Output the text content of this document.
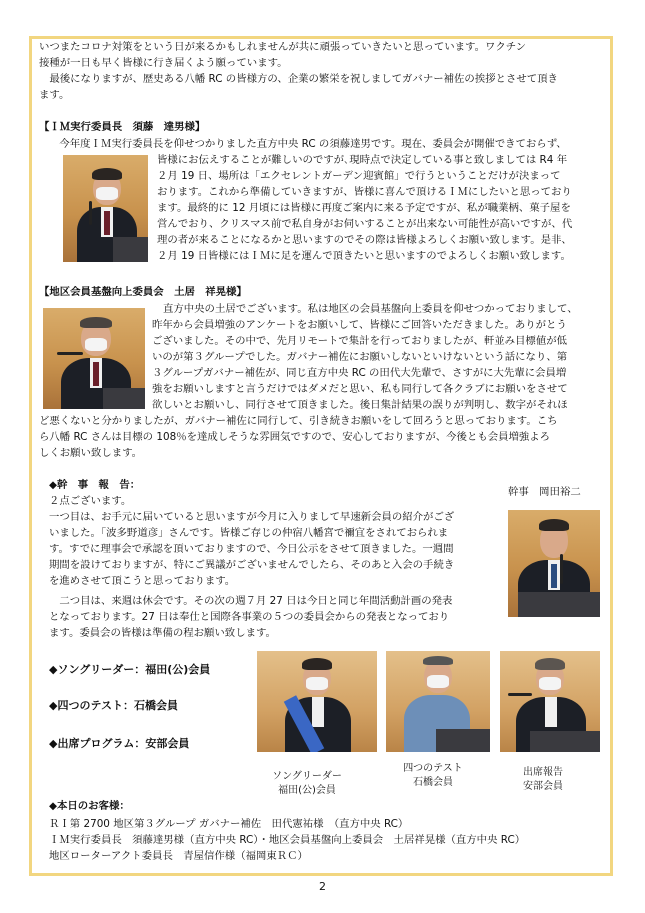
いつまたコロナ対策をという日が来るかもしれませんが共に頑張っていきたいと思っています。ワクチン
接種が一日も早く皆様に行き届くよう願っています。
　最後になりますが、歴史ある八幡 RC の皆様方の、企業の繁栄を祝しましてガバナー補佐の挨拶とさせて頂き
ます。
【ＩＭ実行委員長　須藤　達男様】
　今年度ＩＭ実行委員長を仰せつかりました直方中央 RC の須藤達男です。現在、委員会が開催できておらず、
皆様にお伝えすることが難しいのですが､現時点で決定している事と致しましては R4 年
２月 19 日、場所は「エクセレントガーデン迎賓館」で行うということだけが決まって
おります。これから準備していきますが、皆様に喜んで頂けるＩＭにしたいと思っており
ます。最終的に 12 月頃には皆様に再度ご案内に来る予定ですが、私が職業柄、菓子屋を
営んでおり、クリスマス前で私自身がお伺いすることが出来ない可能性が高いですが、代
理の者が来ることになるかと思いますのでその際は皆様よろしくお願い致します。是非、
２月 19 日皆様にはＩＭに足を運んで頂きたいと思いますのでよろしくお願い致します。
【地区会員基盤向上委員会　土居　祥晃様】
直方中央の土居でございます。私は地区の会員基盤向上委員を仰せつかっておりまして、
昨年から会員増強のアンケートをお願いして、皆様にご回答いただきました。ありがとう
ございました。その中で、先月リモートで集計を行っておりましたが、軒並み目標値が低
いのが第３グループでした。ガバナー補佐にお願いしないといけないという話になり、第
３グループガバナー補佐が、同じ直方中央 RC の田代大先輩で、さすがに大先輩に会員増
強をお願いしますと言うだけではダメだと思い、私も同行して各クラブにお願いをさせて
欲しいとお願いし、同行させて頂きました。後日集計結果の誤りが判明し、数字がそれほ
ど悪くないと分かりましたが、ガバナー補佐に同行して、引き続きお願いをして回ろうと思っております。こち
ら八幡 RC さんは目標の 108％を達成しそうな雰囲気ですので、安心しておりますが、今後とも会員増強よろ
しくお願い致します。
◆幹　事　報　告：
幹事　岡田裕二
２点ございます。
一つ目は、お手元に届いていると思いますが今月に入りまして早速新会員の紹介がござ
いました。「波多野道彦」さんです。皆様ご存じの仲宿八幡宮で禰宜をされておられま
す。すでに理事会で承認を頂いておりますので、今日公示をさせて頂きました。一週間
期間を設けておりますが、特にご異議がございませんでしたら、そのあと入会の手続き
を進めさせて頂こうと思っております。
　二つ目は、来週は休会です。その次の週７月 27 日は今日と同じ年間活動計画の発表
となっております。27 日は奉仕と国際各事業の５つの委員会からの発表となっており
ます。委員会の皆様は準備の程お願い致します。
◆ソングリーダー：福田(公)会員
◆四つのテスト：石橋会員
◆出席プログラム：安部会員
ソングリーダー
福田(公)会員
四つのテスト
石橋会員
出席報告
安部会員
◆本日のお客様：
ＲＩ第 2700 地区第３グループ ガバナー補佐　田代憲祐様　（直方中央 RC）
ＩＭ実行委員長　須藤達男様（直方中央 RC）・地区会員基盤向上委員会　土居祥晃様（直方中央 RC）
地区ローターアクト委員長　青屋信作様（福岡東ＲＣ）
2
